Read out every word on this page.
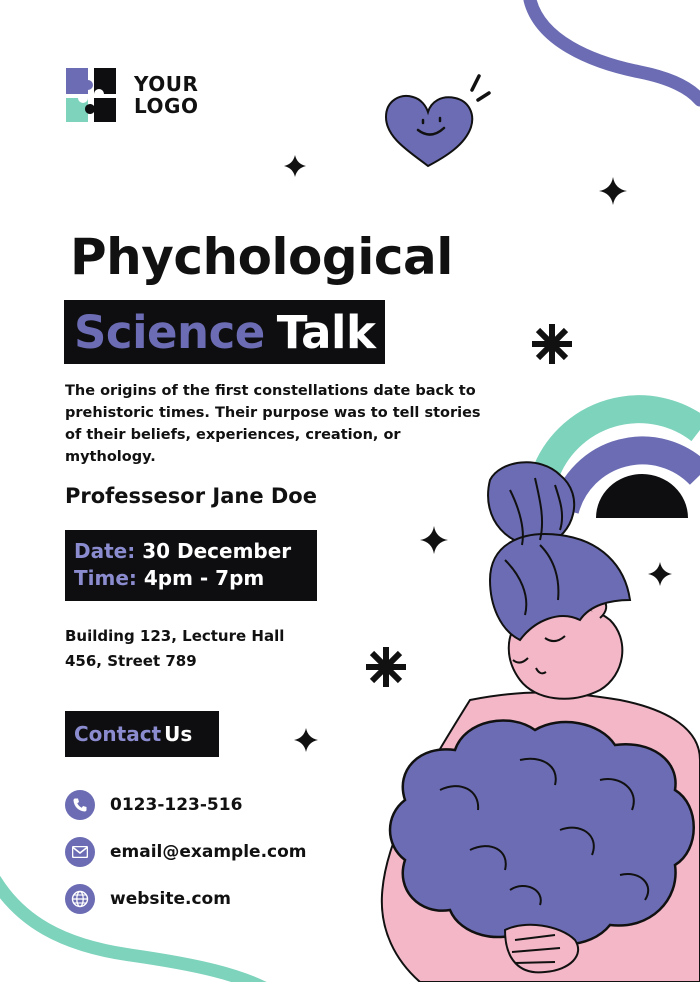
YOUR
LOGO
Phychological
Science Talk
The origins of the first constellations date back to prehistoric times. Their purpose was to tell stories of their beliefs, experiences, creation, or mythology.
Professesor Jane Doe
Date: 30 December
Time: 4pm - 7pm
Building 123, Lecture Hall
456, Street 789
Contact Us
0123-123-516
email@example.com
website.com
